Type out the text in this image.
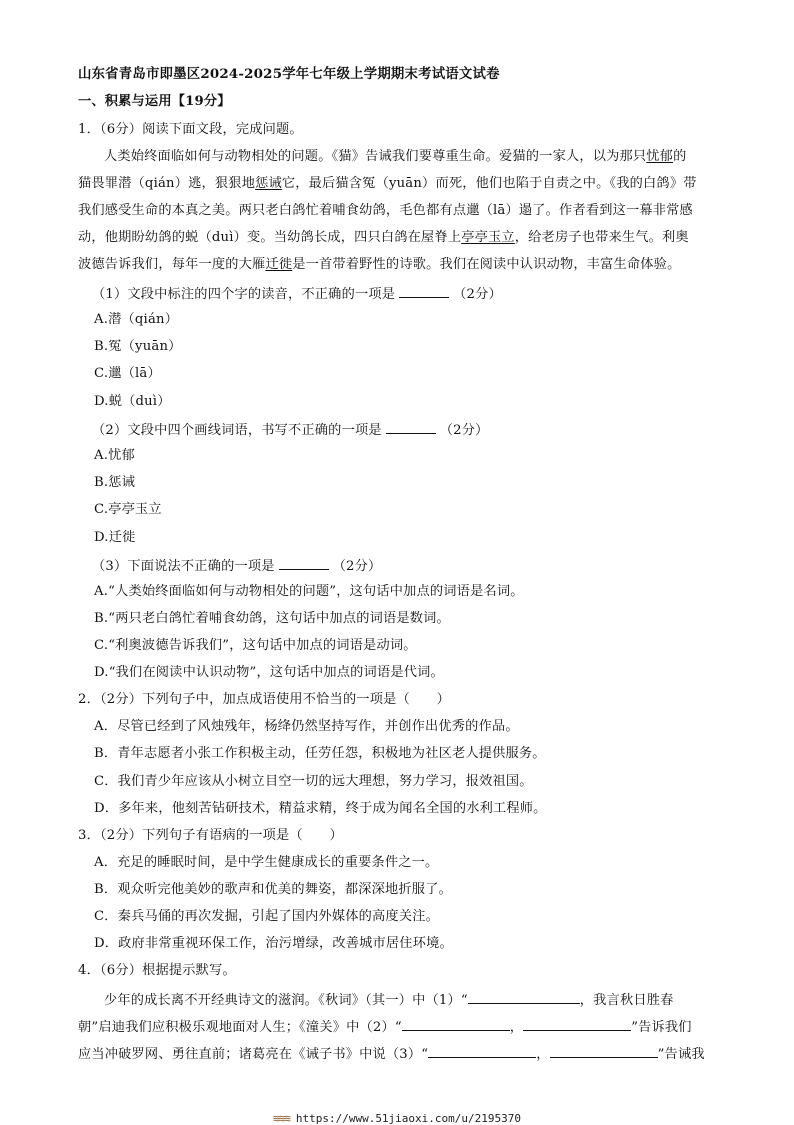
山东省青岛市即墨区2024-2025学年七年级上学期期末考试语文试卷
一、积累与运用【19分】
1．（6分）阅读下面文段，完成问题。
人类始终面临如何与动物相处的问题。《猫》告诫我们要尊重生命。爱猫的一家人，以为那只忧郁的
猫畏罪潜（qián）逃，狠狠地惩诫它，最后猫含冤（yuān）而死，他们也陷于自责之中。《我的白鸽》带
我们感受生命的本真之美。两只老白鸽忙着哺食幼鸽，毛色都有点邋（lā）遢了。作者看到这一幕非常感
动，他期盼幼鸽的蜕（duì）变。当幼鸽长成，四只白鸽在屋脊上亭亭玉立，给老房子也带来生气。利奥
波德告诉我们，每年一度的大雁迁徙是一首带着野性的诗歌。我们在阅读中认识动物，丰富生命体验。
（1）文段中标注的四个字的读音，不正确的一项是	（2分）
A.潜（qián）
B.冤（yuān）
C.邋（lā）
D.蜕（duì）
（2）文段中四个画线词语，书写不正确的一项是	（2分）
A.忧郁
B.惩诫
C.亭亭玉立
D.迁徙
（3）下面说法不正确的一项是	（2分）
A.“人类始终面临如何与动物相处的问题”，这句话中加点的词语是名词。
B.“两只老白鸽忙着哺食幼鸽，这句话中加点的词语是数词。
C.“利奥波德告诉我们”，这句话中加点的词语是动词。
D.“我们在阅读中认识动物”，这句话中加点的词语是代词。
2．（2分）下列句子中，加点成语使用不恰当的一项是（　　）
A．尽管已经到了风烛残年，杨绛仍然坚持写作，并创作出优秀的作品。
B．青年志愿者小张工作积极主动，任劳任怨，积极地为社区老人提供服务。
C．我们青少年应该从小树立目空一切的远大理想，努力学习，报效祖国。
D．多年来，他刻苦钻研技术，精益求精，终于成为闻名全国的水利工程师。
3．（2分）下列句子有语病的一项是（　　）
A．充足的睡眠时间，是中学生健康成长的重要条件之一。
B．观众听完他美妙的歌声和优美的舞姿，都深深地折服了。
C．秦兵马俑的再次发掘，引起了国内外媒体的高度关注。
D．政府非常重视环保工作，治污增绿，改善城市居住环境。
4．（6分）根据提示默写。
少年的成长离不开经典诗文的滋润。《秋词》（其一）中（1）“	，我言秋日胜春
朝”启迪我们应积极乐观地面对人生；《潼关》中（2）“	，	”告诉我们
应当冲破罗网、勇往直前；诸葛亮在《诫子书》中说（3）“	，	”告诫我
≋≋≋ https://www.51jiaoxi.com/u/2195370
